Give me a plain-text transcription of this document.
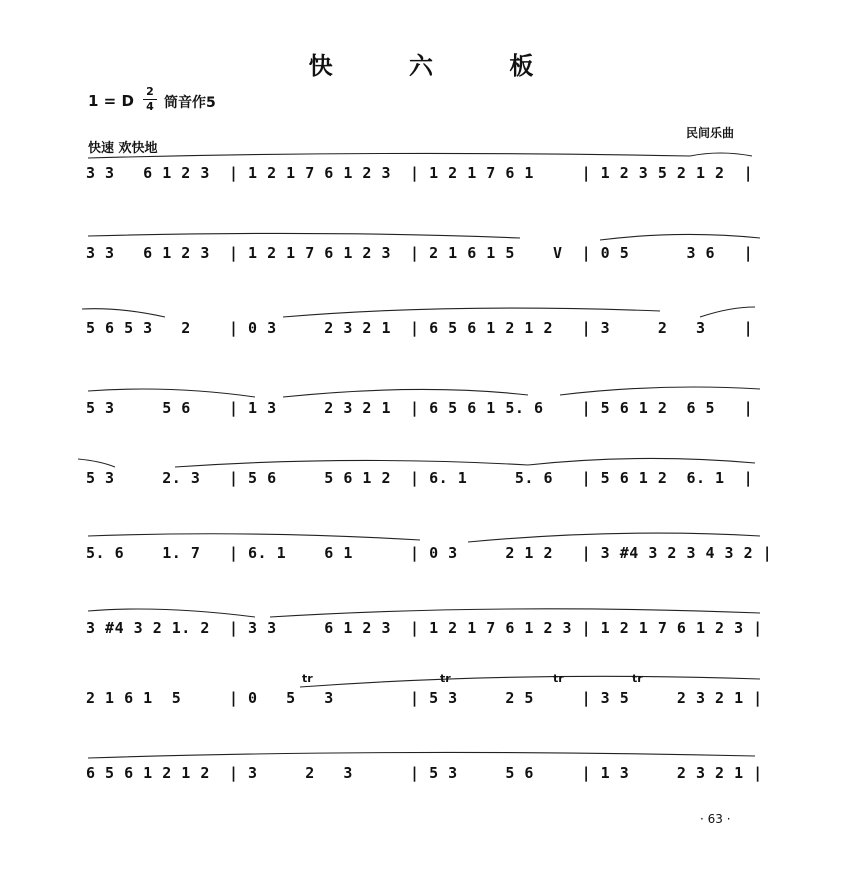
快 六 板
1 = D
2
4 筒音作5
民间乐曲
快速 欢快地
3 3   6 1 2 3  | 1 2 1 7 6 1 2 3  | 1 2 1 7 6 1     | 1 2 3 5 2 1 2  |
3 3   6 1 2 3  | 1 2 1 7 6 1 2 3  | 2 1 6 1 5    V  | 0 5      3 6   |
5 6 5 3   2    | 0 3     2 3 2 1  | 6 5 6 1 2 1 2   | 3     2   3    |
5 3     5 6    | 1 3     2 3 2 1  | 6 5 6 1 5. 6    | 5 6 1 2  6 5   |
5 3     2. 3   | 5 6     5 6 1 2  | 6. 1     5. 6   | 5 6 1 2  6. 1  |
5. 6    1. 7   | 6. 1    6 1      | 0 3     2 1 2   | 3 #4 3 2 3 4 3 2 |
3 #4 3 2 1. 2  | 3 3     6 1 2 3  | 1 2 1 7 6 1 2 3 | 1 2 1 7 6 1 2 3 |
2 1 6 1  5     | 0   5   3        | 5 3     2 5     | 3 5     2 3 2 1 |
6 5 6 1 2 1 2  | 3     2   3      | 5 3     5 6     | 1 3     2 3 2 1 |
tr	tr	tr	tr
· 63 ·
